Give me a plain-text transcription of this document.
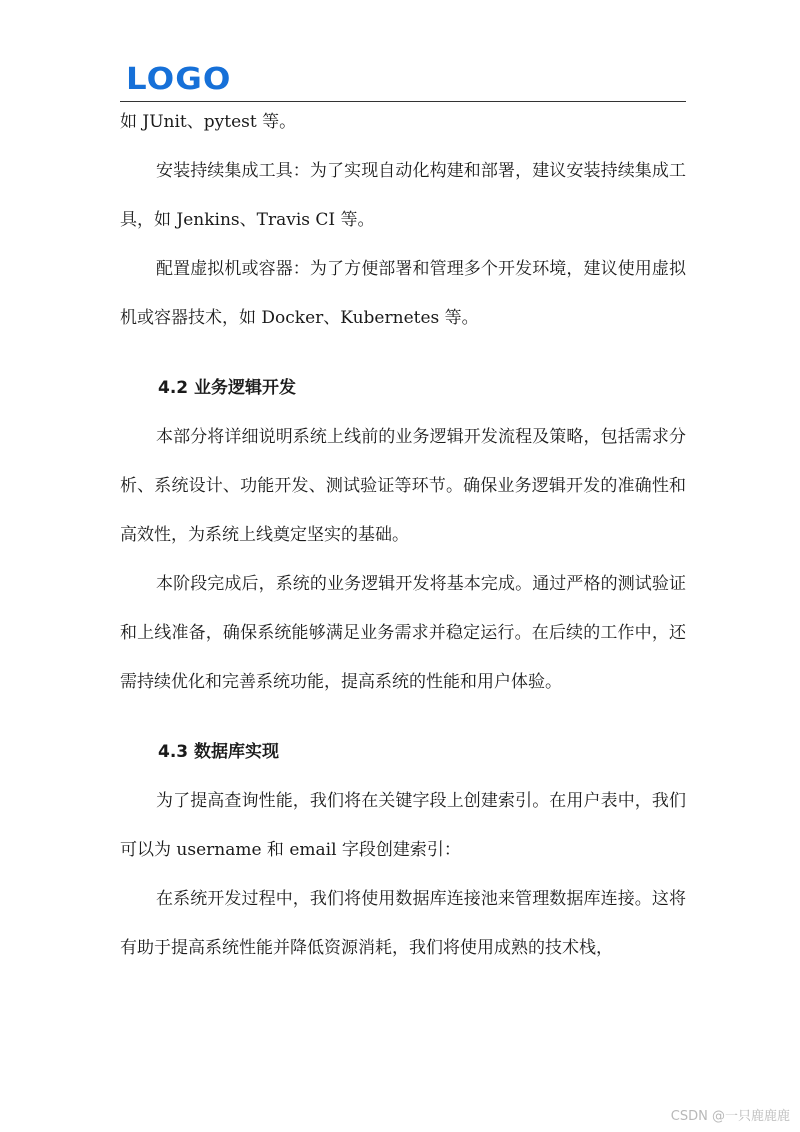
LOGO

如 JUnit、pytest 等。

安装持续集成工具：为了实现自动化构建和部署，建议安装持续集成工具，如 Jenkins、Travis CI 等。

配置虚拟机或容器：为了方便部署和管理多个开发环境，建议使用虚拟机或容器技术，如 Docker、Kubernetes 等。

4.2 业务逻辑开发

本部分将详细说明系统上线前的业务逻辑开发流程及策略，包括需求分析、系统设计、功能开发、测试验证等环节。确保业务逻辑开发的准确性和高效性，为系统上线奠定坚实的基础。

本阶段完成后，系统的业务逻辑开发将基本完成。通过严格的测试验证和上线准备，确保系统能够满足业务需求并稳定运行。在后续的工作中，还需持续优化和完善系统功能，提高系统的性能和用户体验。

4.3 数据库实现

为了提高查询性能，我们将在关键字段上创建索引。在用户表中，我们可以为 username 和 email 字段创建索引：

在系统开发过程中，我们将使用数据库连接池来管理数据库连接。这将有助于提高系统性能并降低资源消耗，我们将使用成熟的技术栈，

CSDN @一只鹿鹿鹿
